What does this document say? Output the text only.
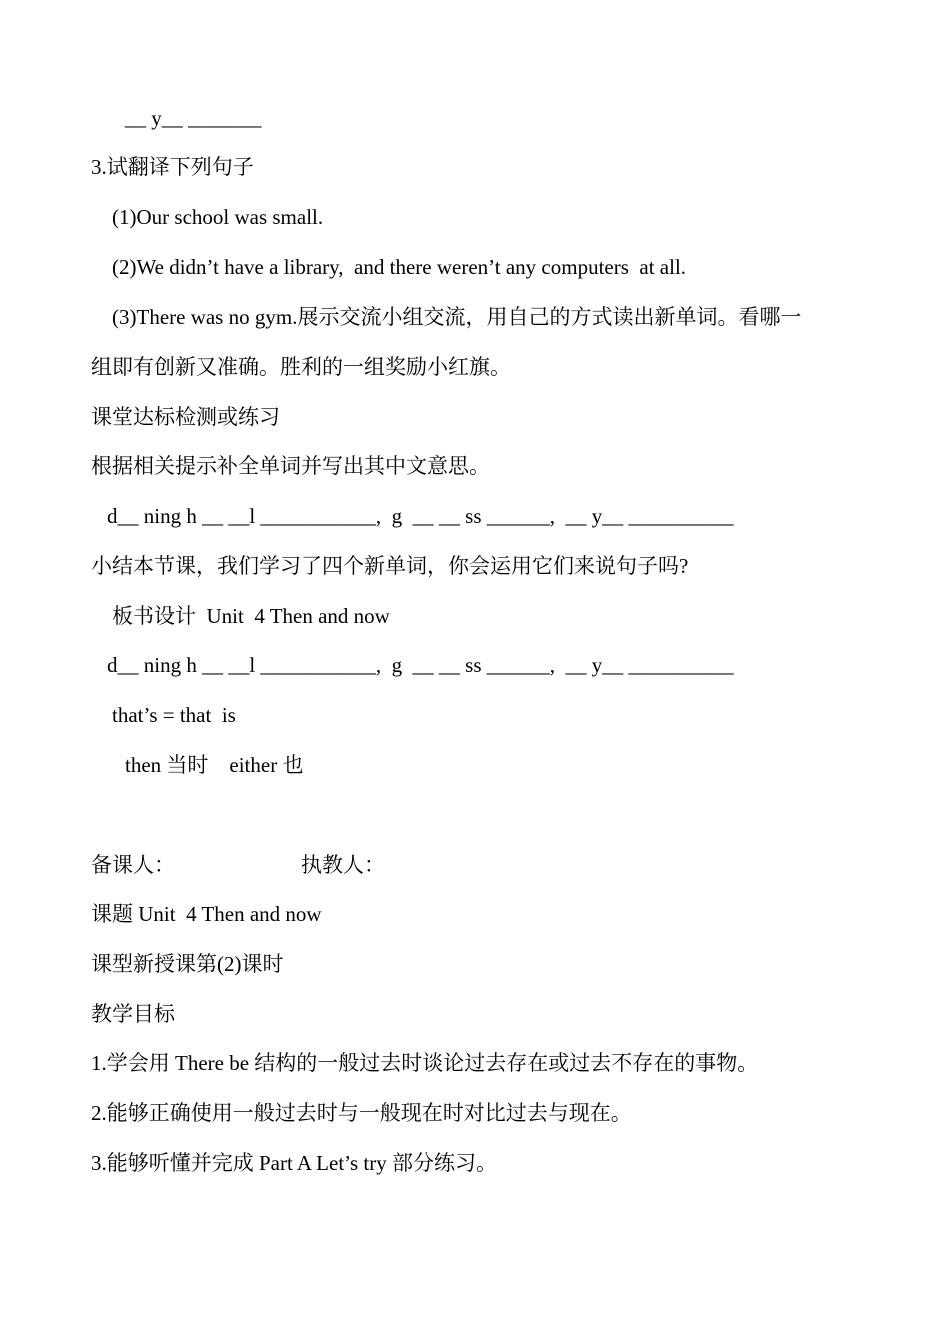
__ y__ _______
3.试翻译下列句子
(1)Our school was small.
(2)We didn’t have a library,  and there weren’t any computers  at all.
(3)There was no gym.展示交流小组交流，用自己的方式读出新单词。看哪一
组即有创新又准确。胜利的一组奖励小红旗。
课堂达标检测或练习
根据相关提示补全单词并写出其中文意思。
d__ ning h __ __l ___________,  g  __ __ ss ______,  __ y__ __________
小结本节课，我们学习了四个新单词，你会运用它们来说句子吗?
板书设计  Unit  4 Then and now
d__ ning h __ __l ___________,  g  __ __ ss ______,  __ y__ __________
that’s = that  is
then 当时    either 也
备课人：                        执教人：
课题 Unit  4 Then and now
课型新授课第(2)课时
教学目标
1.学会用 There be 结构的一般过去时谈论过去存在或过去不存在的事物。
2.能够正确使用一般过去时与一般现在时对比过去与现在。
3.能够听懂并完成 Part A Let’s try 部分练习。
